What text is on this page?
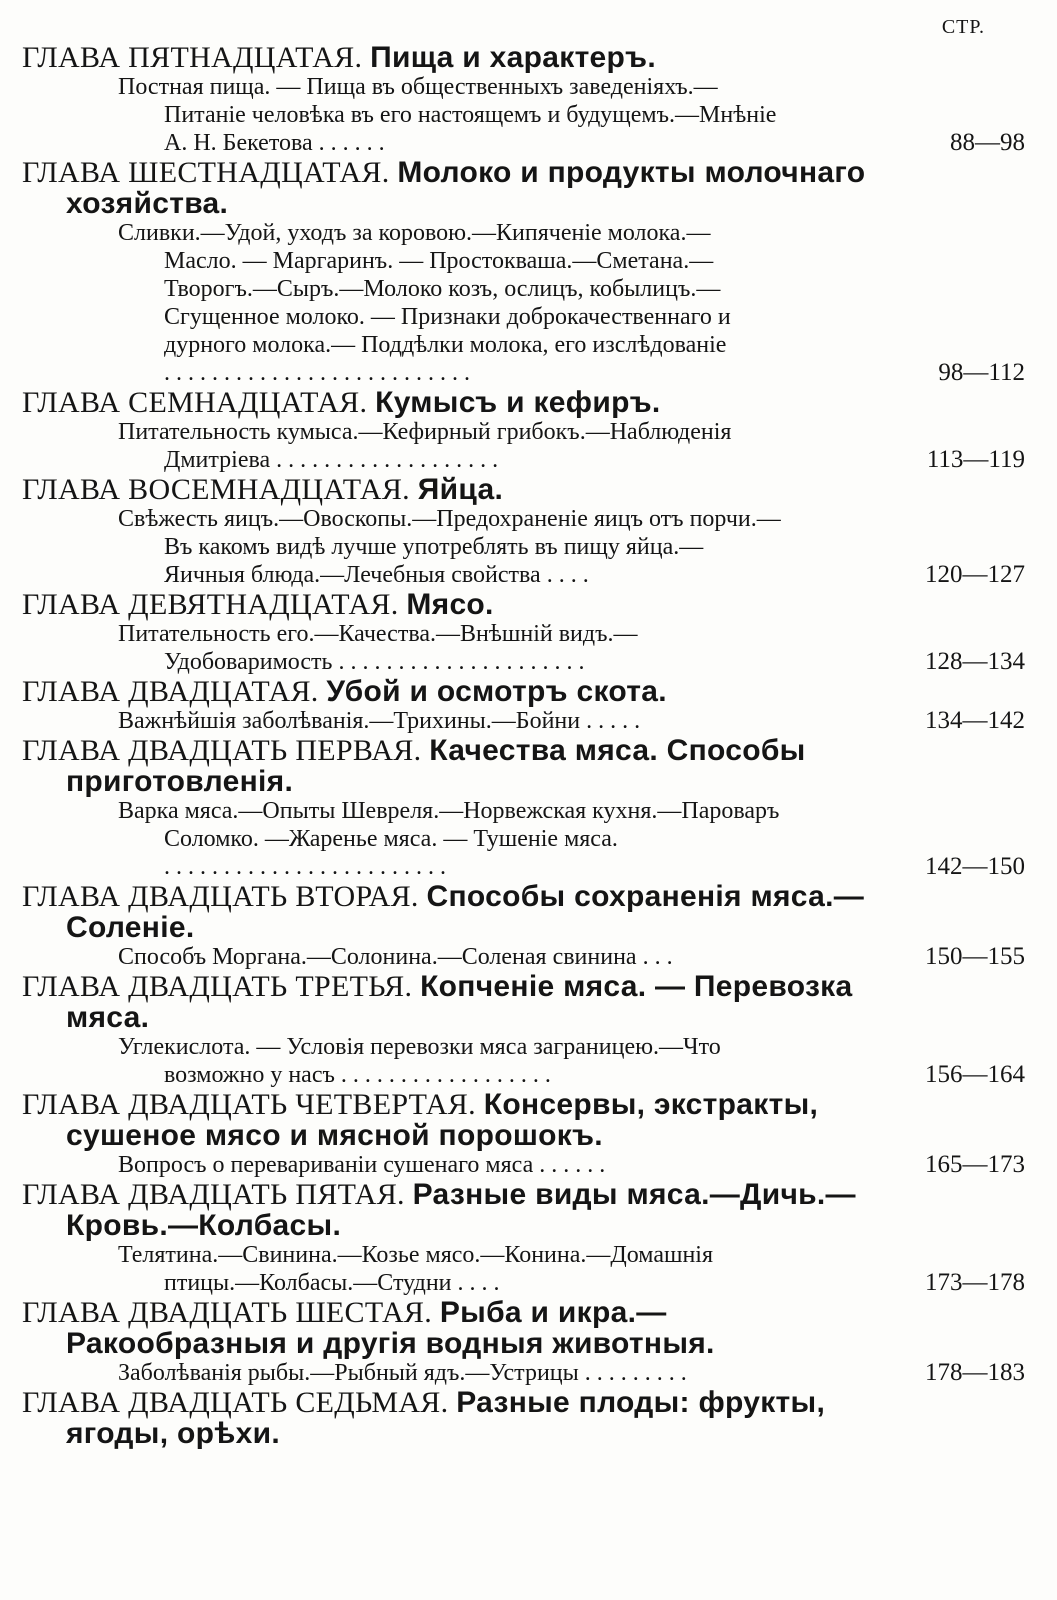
СТР.
ГЛАВА ПЯТНАДЦАТАЯ. Пища и характеръ.
Постная пища. — Пища въ общественныхъ заведеніяхъ.—Питаніе человѣка въ его настоящемъ и будущемъ.—Мнѣніе А. Н. Бекетова ......	88—98
ГЛАВА ШЕСТНАДЦАТАЯ. Молоко и продукты молочнаго хозяйства.
Сливки.—Удой, уходъ за коровою.—Кипяченіе молока.—Масло. — Маргаринъ. — Простокваша.—Сметана.—Творогъ.—Сыръ.—Молоко козъ, ослицъ, кобылицъ.—Сгущенное молоко. — Признаки доброкачественнаго и дурного молока.— Поддѣлки молока, его изслѣдованіе ..........................	98—112
ГЛАВА СЕМНАДЦАТАЯ. Кумысъ и кефиръ.
Питательность кумыса.—Кефирный грибокъ.—Наблюденія Дмитріева ...................	113—119
ГЛАВА ВОСЕМНАДЦАТАЯ. Яйца.
Свѣжесть яицъ.—Овоскопы.—Предохраненіе яицъ отъ порчи.—Въ какомъ видѣ лучше употреблять въ пищу яйца.—Яичныя блюда.—Лечебныя свойства ....	120—127
ГЛАВА ДЕВЯТНАДЦАТАЯ. Мясо.
Питательность его.—Качества.—Внѣшній видъ.—Удобоваримость .....................	128—134
ГЛАВА ДВАДЦАТАЯ. Убой и осмотръ скота.
Важнѣйшія заболѣванія.—Трихины.—Бойни .....	134—142
ГЛАВА ДВАДЦАТЬ ПЕРВАЯ. Качества мяса. Способы приготовленія.
Варка мяса.—Опыты Шевреля.—Норвежская кухня.—Пароваръ Соломко. —Жаренье мяса. — Тушеніе мяса. ........................	142—150
ГЛАВА ДВАДЦАТЬ ВТОРАЯ. Способы сохраненія мяса.—Соленіе.
Способъ Моргана.—Солонина.—Соленая свинина ...	150—155
ГЛАВА ДВАДЦАТЬ ТРЕТЬЯ. Копченіе мяса. — Перевозка мяса.
Углекислота. — Условія перевозки мяса заграницею.—Что возможно у насъ ..................	156—164
ГЛАВА ДВАДЦАТЬ ЧЕТВЕРТАЯ. Консервы, экстракты, сушеное мясо и мясной порошокъ.
Вопросъ о перевариваніи сушенаго мяса ......	165—173
ГЛАВА ДВАДЦАТЬ ПЯТАЯ. Разные виды мяса.—Дичь.—Кровь.—Колбасы.
Телятина.—Свинина.—Козье мясо.—Конина.—Домашнія птицы.—Колбасы.—Студни ....	173—178
ГЛАВА ДВАДЦАТЬ ШЕСТАЯ. Рыба и икра.—Ракообразныя и другія водныя животныя.
Заболѣванія рыбы.—Рыбный ядъ.—Устрицы .........	178—183
ГЛАВА ДВАДЦАТЬ СЕДЬМАЯ. Разные плоды: фрукты, ягоды, орѣхи.
